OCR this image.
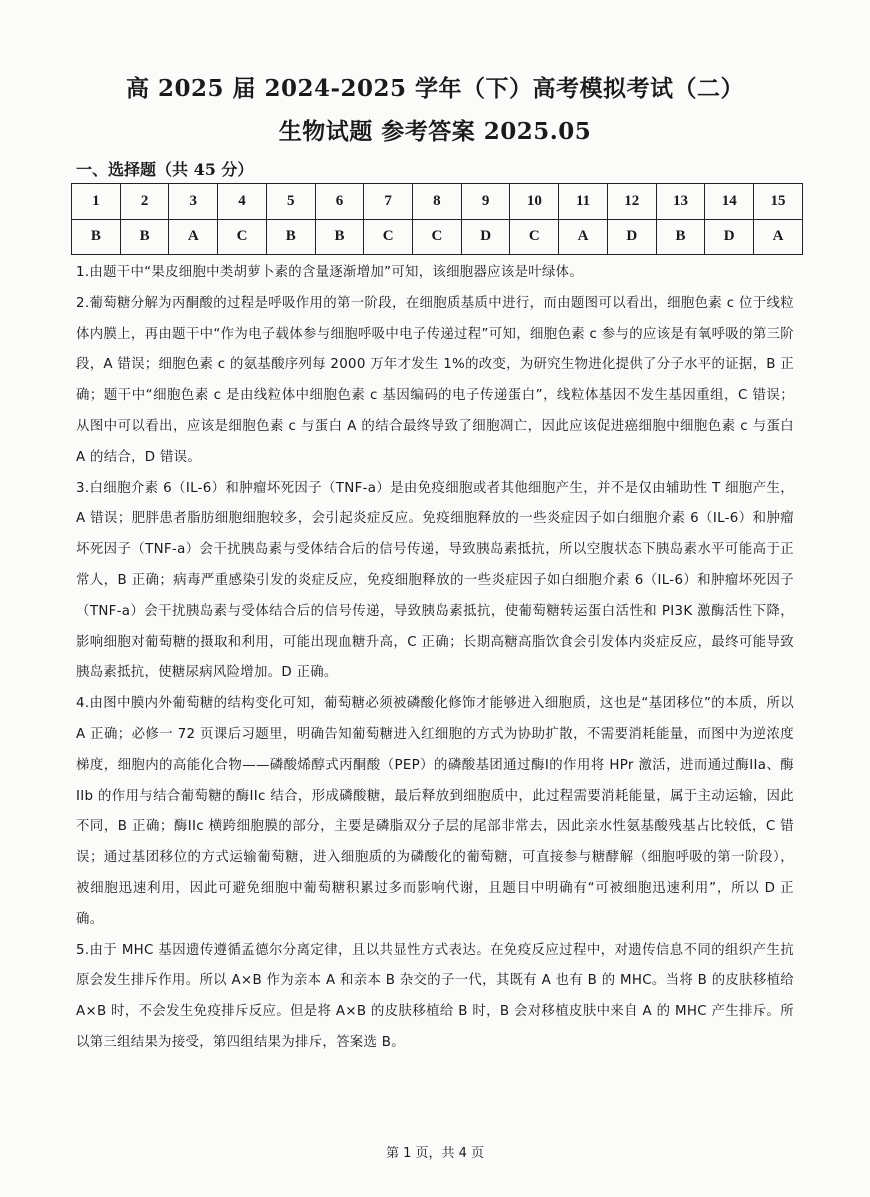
高 2025 届 2024-2025 学年（下）高考模拟考试（二）
生物试题 参考答案 2025.05
一、选择题（共 45 分）
1	2	3	4	5	6	7	8	9	10	11	12	13	14	15
B	B	A	C	B	B	C	C	D	C	A	D	B	D	A

1.由题干中“果皮细胞中类胡萝卜素的含量逐渐增加”可知，该细胞器应该是叶绿体。

2.葡萄糖分解为丙酮酸的过程是呼吸作用的第一阶段，在细胞质基质中进行，而由题图可以看出，细胞色素 c 位于线粒体内膜上，再由题干中“作为电子载体参与细胞呼吸中电子传递过程”可知，细胞色素 c 参与的应该是有氧呼吸的第三阶段，A 错误；细胞色素 c 的氨基酸序列每 2000 万年才发生 1%的改变，为研究生物进化提供了分子水平的证据，B 正确；题干中“细胞色素 c 是由线粒体中细胞色素 c 基因编码的电子传递蛋白”，线粒体基因不发生基因重组，C 错误；从图中可以看出，应该是细胞色素 c 与蛋白 A 的结合最终导致了细胞凋亡，因此应该促进癌细胞中细胞色素 c 与蛋白 A 的结合，D 错误。

3.白细胞介素 6（IL-6）和肿瘤坏死因子（TNF-a）是由免疫细胞或者其他细胞产生，并不是仅由辅助性 T 细胞产生，A 错误；肥胖患者脂肪细胞细胞较多，会引起炎症反应。免疫细胞释放的一些炎症因子如白细胞介素 6（IL-6）和肿瘤坏死因子（TNF-a）会干扰胰岛素与受体结合后的信号传递，导致胰岛素抵抗，所以空腹状态下胰岛素水平可能高于正常人，B 正确；病毒严重感染引发的炎症反应，免疫细胞释放的一些炎症因子如白细胞介素 6（IL-6）和肿瘤坏死因子（TNF-a）会干扰胰岛素与受体结合后的信号传递，导致胰岛素抵抗，使葡萄糖转运蛋白活性和 PI3K 激酶活性下降，影响细胞对葡萄糖的摄取和利用，可能出现血糖升高，C 正确；长期高糖高脂饮食会引发体内炎症反应，最终可能导致胰岛素抵抗，使糖尿病风险增加。D 正确。

4.由图中膜内外葡萄糖的结构变化可知，葡萄糖必须被磷酸化修饰才能够进入细胞质，这也是“基团移位”的本质，所以 A 正确；必修一 72 页课后习题里，明确告知葡萄糖进入红细胞的方式为协助扩散，不需要消耗能量，而图中为逆浓度梯度，细胞内的高能化合物——磷酸烯醇式丙酮酸（PEP）的磷酸基团通过酶I的作用将 HPr 激活，进而通过酶IIa、酶IIb 的作用与结合葡萄糖的酶IIc 结合，形成磷酸糖，最后释放到细胞质中，此过程需要消耗能量，属于主动运输，因此不同，B 正确；酶IIc 横跨细胞膜的部分，主要是磷脂双分子层的尾部非常去，因此亲水性氨基酸残基占比较低，C 错误；通过基团移位的方式运输葡萄糖，进入细胞质的为磷酸化的葡萄糖，可直接参与糖酵解（细胞呼吸的第一阶段），被细胞迅速利用，因此可避免细胞中葡萄糖积累过多而影响代谢，且题目中明确有“可被细胞迅速利用”，所以 D 正确。

5.由于 MHC 基因遗传遵循孟德尔分离定律，且以共显性方式表达。在免疫反应过程中，对遗传信息不同的组织产生抗原会发生排斥作用。所以 A×B 作为亲本 A 和亲本 B 杂交的子一代，其既有 A 也有 B 的 MHC。当将 B 的皮肤移植给 A×B 时，不会发生免疫排斥反应。但是将 A×B 的皮肤移植给 B 时，B 会对移植皮肤中来自 A 的 MHC 产生排斥。所以第三组结果为接受，第四组结果为排斥，答案选 B。

第 1 页，共 4 页
